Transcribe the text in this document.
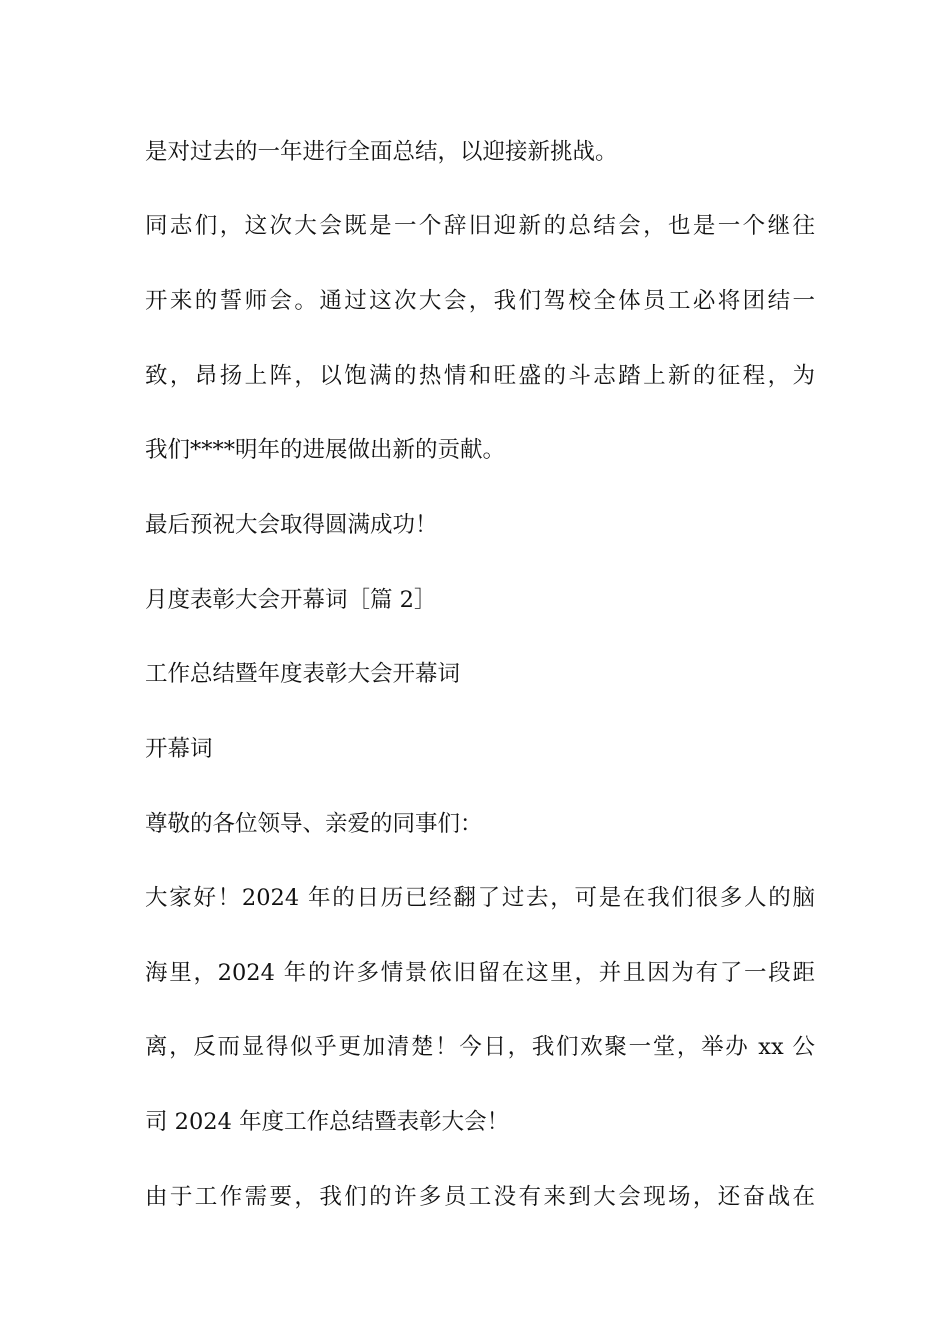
是对过去的一年进行全面总结，以迎接新挑战。
同志们，这次大会既是一个辞旧迎新的总结会，也是一个继往
开来的誓师会。通过这次大会，我们驾校全体员工必将团结一
致，昂扬上阵，以饱满的热情和旺盛的斗志踏上新的征程，为
我们****明年的进展做出新的贡献。
最后预祝大会取得圆满成功！
月度表彰大会开幕词［篇 2］
工作总结暨年度表彰大会开幕词
开幕词
尊敬的各位领导、亲爱的同事们：
大家好！2024 年的日历已经翻了过去，可是在我们很多人的脑
海里，2024 年的许多情景依旧留在这里，并且因为有了一段距
离，反而显得似乎更加清楚！今日，我们欢聚一堂，举办 xx 公
司 2024 年度工作总结暨表彰大会！
由于工作需要，我们的许多员工没有来到大会现场，还奋战在
